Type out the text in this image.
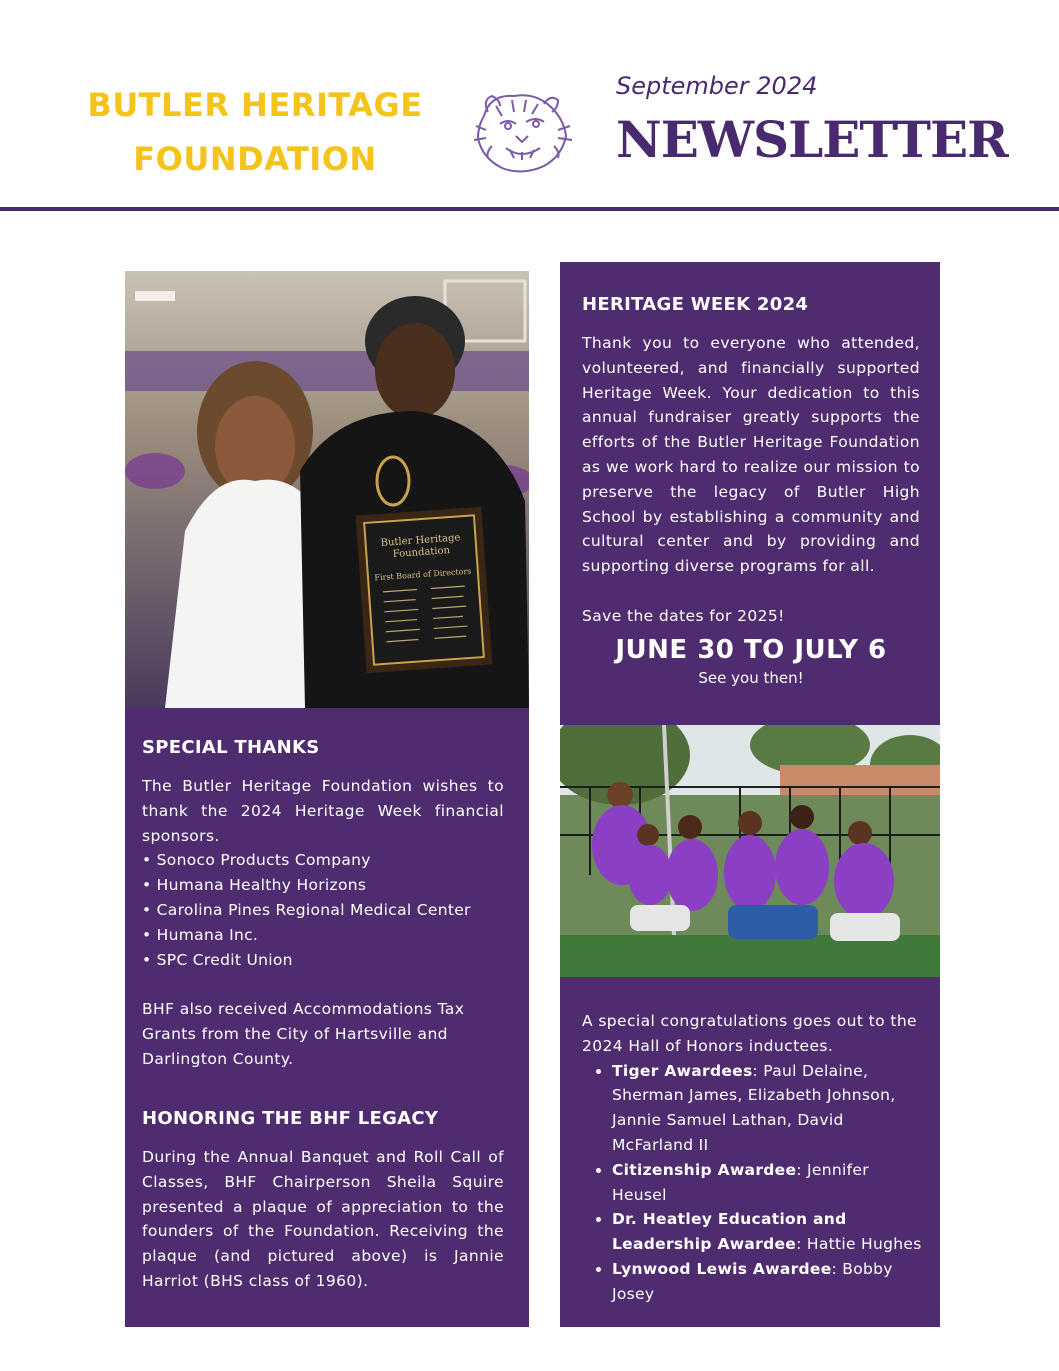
BUTLER HERITAGE
FOUNDATION
September 2024
NEWSLETTER
Butler Heritage
Foundation
First Board of Directors
SPECIAL THANKS

The Butler Heritage Foundation wishes to thank the 2024 Heritage Week financial sponsors.

• Sonoco Products Company
• Humana Healthy Horizons
• Carolina Pines Regional Medical Center
• Humana Inc.
• SPC Credit Union
BHF also received Accommodations Tax
Grants from the City of Hartsville and
Darlington County.
HONORING THE BHF LEGACY

During the Annual Banquet and Roll Call of Classes, BHF Chairperson Sheila Squire presented a plaque of appreciation to the founders of the Foundation. Receiving the plaque (and pictured above) is Jannie Harriot (BHS class of 1960).

HERITAGE WEEK 2024

Thank you to everyone who attended, volunteered, and financially supported Heritage Week. Your dedication to this annual fundraiser greatly supports the efforts of the Butler Heritage Foundation as we work hard to realize our mission to preserve the legacy of Butler High School by establishing a community and cultural center and by providing and supporting diverse programs for all.

Save the dates for 2025!
JUNE 30 TO JULY 6
See you then!

A special congratulations goes out to the 2024 Hall of Honors inductees.

• Tiger Awardees: Paul Delaine, Sherman James, Elizabeth Johnson, Jannie Samuel Lathan, David McFarland II
• Citizenship Awardee: Jennifer Heusel
• Dr. Heatley Education and Leadership Awardee: Hattie Hughes
• Lynwood Lewis Awardee: Bobby Josey
